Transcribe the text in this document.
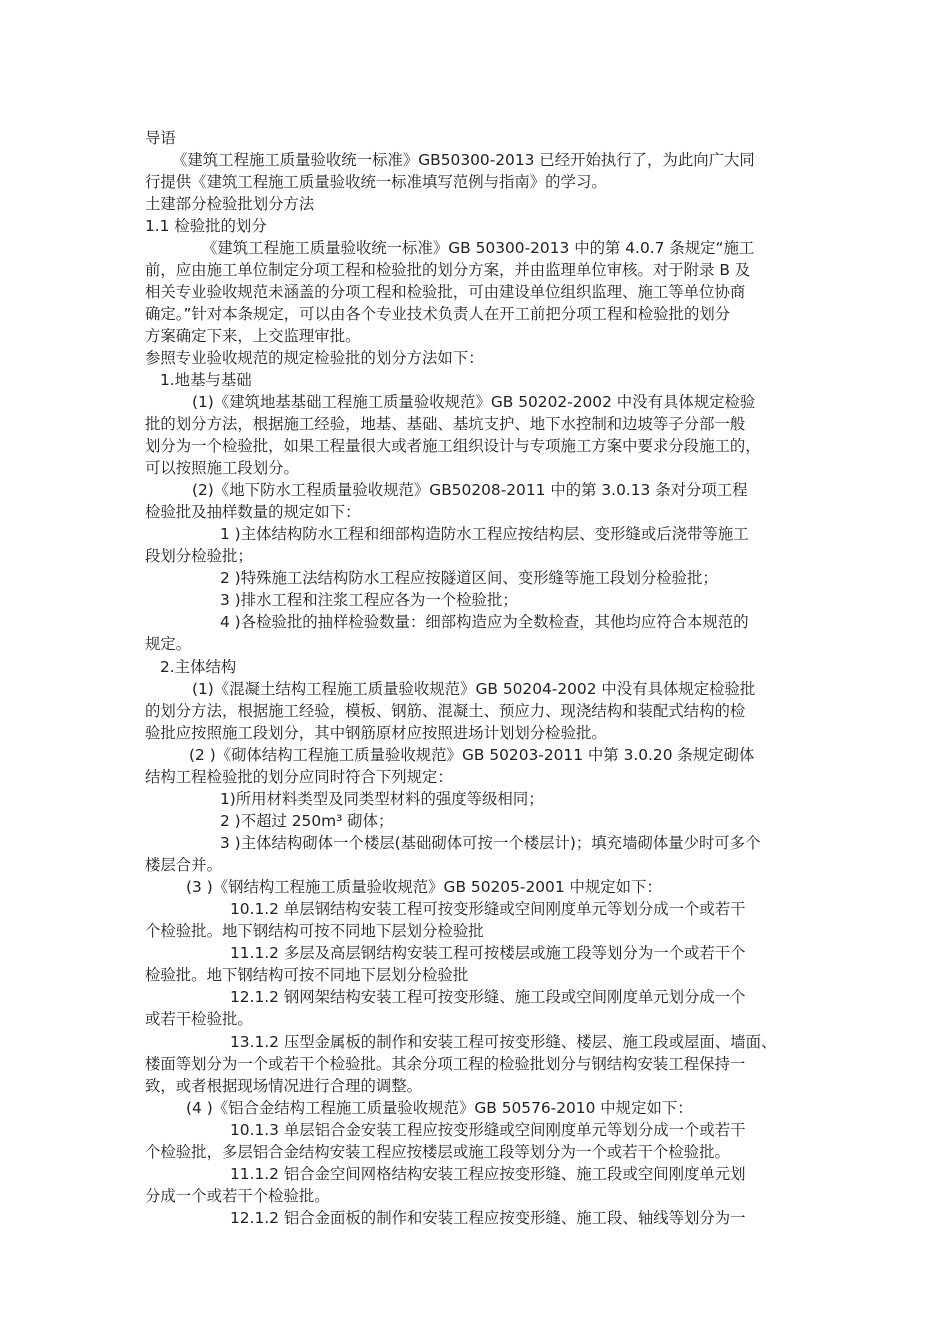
导语
《建筑工程施工质量验收统一标准》GB50300-2013 已经开始执行了，为此向广大同
行提供《建筑工程施工质量验收统一标准填写范例与指南》的学习。
土建部分检验批划分方法
1.1 检验批的划分
《建筑工程施工质量验收统一标准》GB 50300-2013 中的第 4.0.7 条规定“施工
前，应由施工单位制定分项工程和检验批的划分方案，并由监理单位审核。对于附录 B 及
相关专业验收规范未涵盖的分项工程和检验批，可由建设单位组织监理、施工等单位协商
确定。”针对本条规定，可以由各个专业技术负责人在开工前把分项工程和检验批的划分
方案确定下来，上交监理审批。
参照专业验收规范的规定检验批的划分方法如下：
1.地基与基础
(1)《建筑地基基础工程施工质量验收规范》GB 50202-2002 中没有具体规定检验
批的划分方法，根据施工经验，地基、基础、基坑支护、地下水控制和边坡等子分部一般
划分为一个检验批，如果工程量很大或者施工组织设计与专项施工方案中要求分段施工的，
可以按照施工段划分。
(2)《地下防水工程质量验收规范》GB50208-2011 中的第 3.0.13 条对分项工程
检验批及抽样数量的规定如下：
1 )主体结构防水工程和细部构造防水工程应按结构层、变形缝或后浇带等施工
段划分检验批；
2 )特殊施工法结构防水工程应按隧道区间、变形缝等施工段划分检验批；
3 )排水工程和注浆工程应各为一个检验批；
4 )各检验批的抽样检验数量：细部构造应为全数检查，其他均应符合本规范的
规定。
2.主体结构
(1)《混凝土结构工程施工质量验收规范》GB 50204-2002 中没有具体规定检验批
的划分方法，根据施工经验，模板、钢筋、混凝土、预应力、现浇结构和装配式结构的检
验批应按照施工段划分，其中钢筋原材应按照进场计划划分检验批。
(2 )《砌体结构工程施工质量验收规范》GB 50203-2011 中第 3.0.20 条规定砌体
结构工程检验批的划分应同时符合下列规定：
1)所用材料类型及同类型材料的强度等级相同；
2 )不超过 250m³ 砌体；
3 )主体结构砌体一个楼层(基础砌体可按一个楼层计)；填充墙砌体量少时可多个
楼层合并。
(3 )《钢结构工程施工质量验收规范》GB 50205-2001 中规定如下：
10.1.2 单层钢结构安装工程可按变形缝或空间刚度单元等划分成一个或若干
个检验批。地下钢结构可按不同地下层划分检验批
11.1.2 多层及高层钢结构安装工程可按楼层或施工段等划分为一个或若干个
检验批。地下钢结构可按不同地下层划分检验批
12.1.2 钢网架结构安装工程可按变形缝、施工段或空间刚度单元划分成一个
或若干检验批。
13.1.2 压型金属板的制作和安装工程可按变形缝、楼层、施工段或屋面、墙面、
楼面等划分为一个或若干个检验批。其余分项工程的检验批划分与钢结构安装工程保持一
致，或者根据现场情况进行合理的调整。
(4 )《铝合金结构工程施工质量验收规范》GB 50576-2010 中规定如下：
10.1.3 单层铝合金安装工程应按变形缝或空间刚度单元等划分成一个或若干
个检验批，多层铝合金结构安装工程应按楼层或施工段等划分为一个或若干个检验批。
11.1.2 铝合金空间网格结构安装工程应按变形缝、施工段或空间刚度单元划
分成一个或若干个检验批。
12.1.2 铝合金面板的制作和安装工程应按变形缝、施工段、轴线等划分为一
